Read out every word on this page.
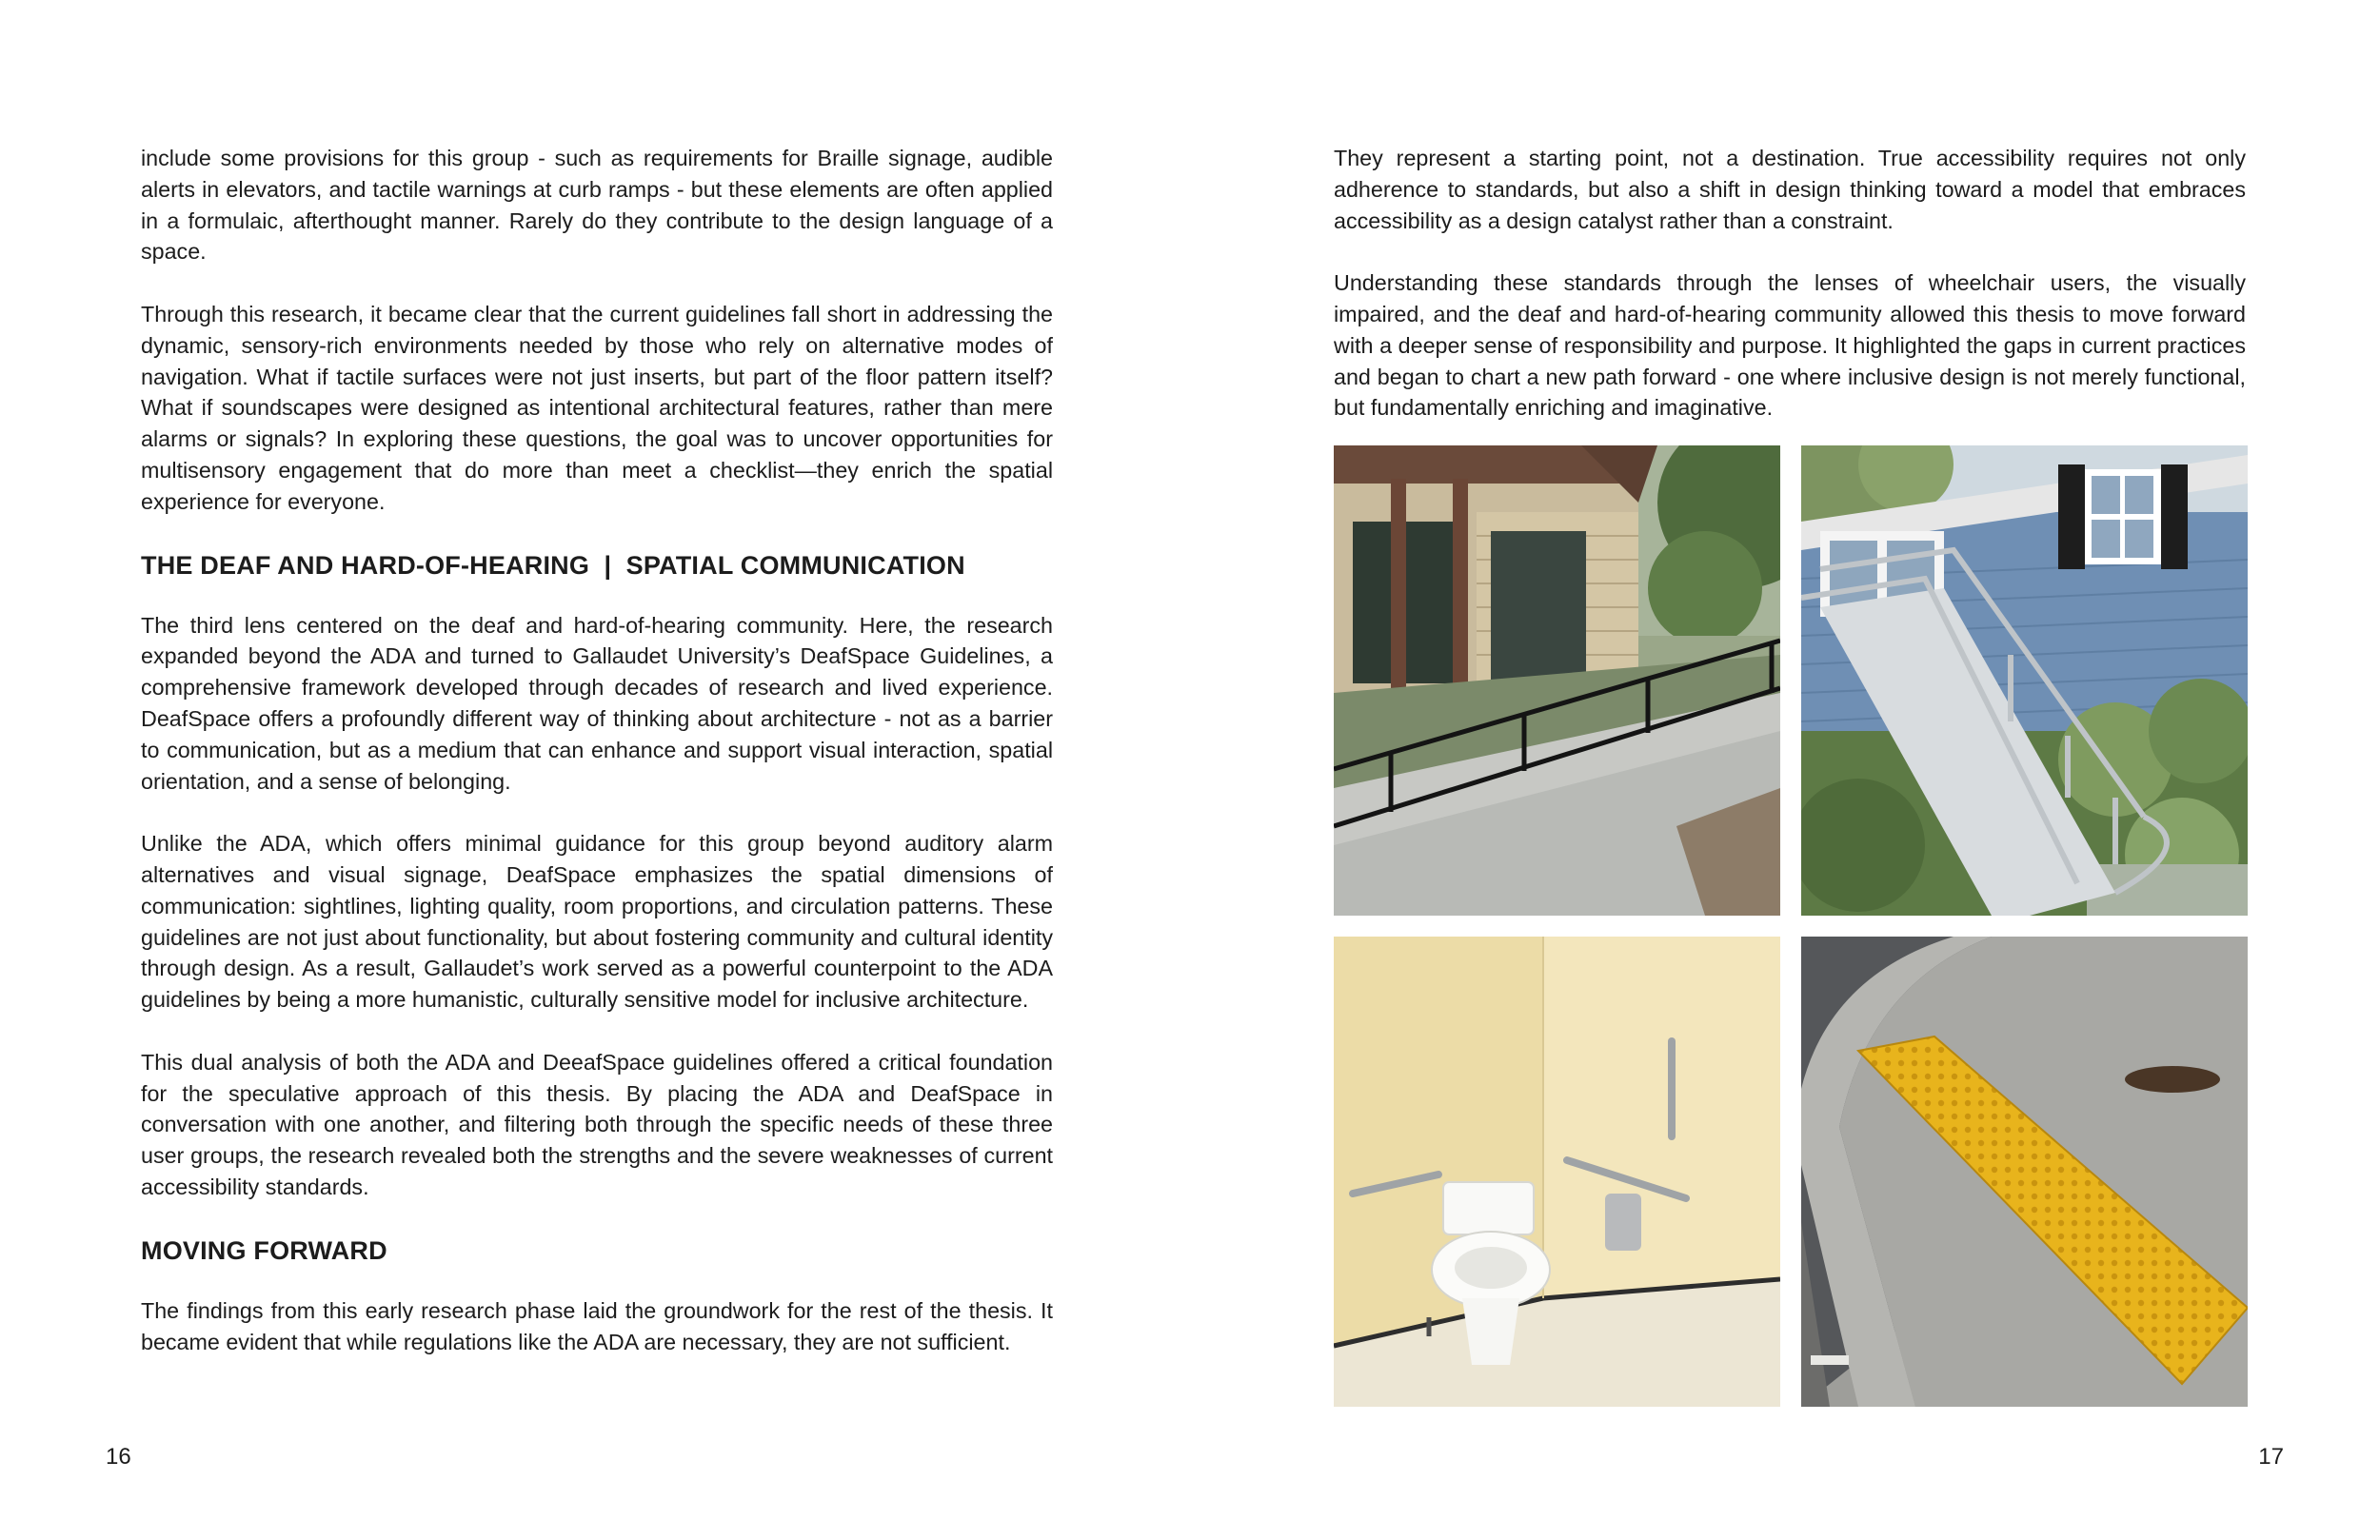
include some provisions for this group - such as requirements for Braille signage, audible alerts in elevators, and tactile warnings at curb ramps - but these elements are often applied in a formulaic, afterthought manner. Rarely do they contribute to the design language of a space.

Through this research, it became clear that the current guidelines fall short in addressing the dynamic, sensory-rich environments needed by those who rely on alternative modes of navigation. What if tactile surfaces were not just inserts, but part of the floor pattern itself? What if soundscapes were designed as intentional architectural features, rather than mere alarms or signals? In exploring these questions, the goal was to uncover opportunities for multisensory engagement that do more than meet a checklist—they enrich the spatial experience for everyone.

THE DEAF AND HARD-OF-HEARING  |  SPATIAL COMMUNICATION

The third lens centered on the deaf and hard-of-hearing community. Here, the research expanded beyond the ADA and turned to Gallaudet University’s DeafSpace Guidelines, a comprehensive framework developed through decades of research and lived experience. DeafSpace offers a profoundly different way of thinking about architecture - not as a barrier to communication, but as a medium that can enhance and support visual interaction, spatial orientation, and a sense of belonging.

Unlike the ADA, which offers minimal guidance for this group beyond auditory alarm alternatives and visual signage, DeafSpace emphasizes the spatial dimensions of communication: sightlines, lighting quality, room proportions, and circulation patterns. These guidelines are not just about functionality, but about fostering community and cultural identity through design. As a result, Gallaudet’s work served as a powerful counterpoint to the ADA guidelines by being a more humanistic, culturally sensitive model for inclusive architecture.

This dual analysis of both the ADA and DeeafSpace guidelines offered a critical foundation for the speculative approach of this thesis. By placing the ADA and DeafSpace in conversation with one another, and filtering both through the specific needs of these three user groups, the research revealed both the strengths and the severe weaknesses of current accessibility standards.

MOVING FORWARD

The findings from this early research phase laid the groundwork for the rest of the thesis. It became evident that while regulations like the ADA are necessary, they are not sufficient.

16

They represent a starting point, not a destination. True accessibility requires not only adherence to standards, but also a shift in design thinking toward a model that embraces accessibility as a design catalyst rather than a constraint.

Understanding these standards through the lenses of wheelchair users, the visually impaired, and the deaf and hard-of-hearing community allowed this thesis to move forward with a deeper sense of responsibility and purpose. It highlighted the gaps in current practices and began to chart a new path forward - one where inclusive design is not merely functional, but fundamentally enriching and imaginative.

17
